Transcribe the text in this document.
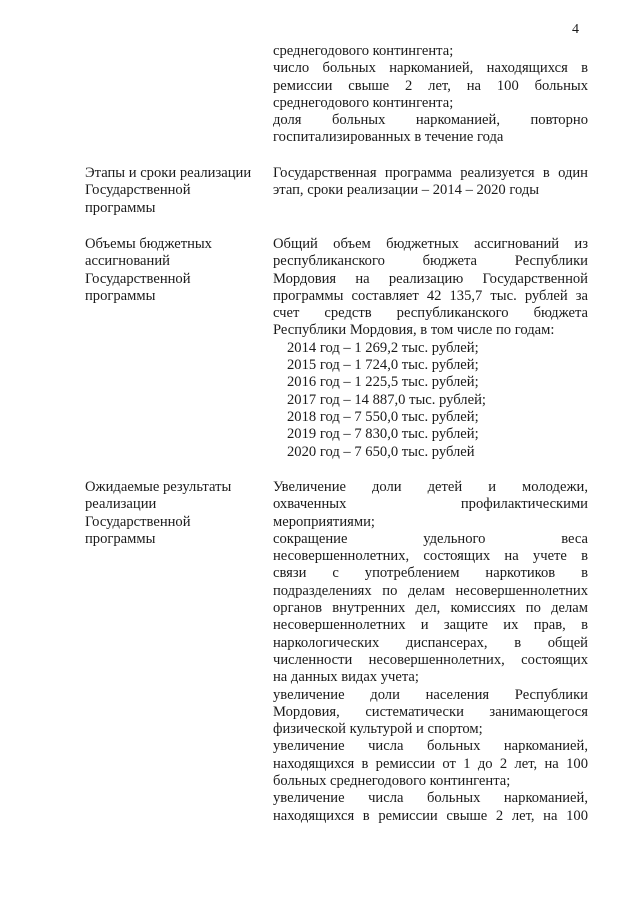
4
среднегодового контингента;
число больных наркоманией, находящихся в
ремиссии свыше 2 лет, на 100 больных
среднегодового контингента;
доля больных наркоманией, повторно
госпитализированных в течение года
Этапы и сроки реализации
Государственной
программы
Государственная программа реализуется в один
этап, сроки реализации – 2014 – 2020 годы
Объемы бюджетных
ассигнований
Государственной
программы
Общий объем бюджетных ассигнований из
республиканского бюджета Республики
Мордовия на реализацию Государственной
программы составляет 42 135,7 тыс. рублей за
счет средств республиканского бюджета
Республики Мордовия, в том числе по годам:
2014 год – 1 269,2 тыс. рублей;
2015 год – 1 724,0 тыс. рублей;
2016 год – 1 225,5 тыс. рублей;
2017 год – 14 887,0 тыс. рублей;
2018 год – 7 550,0 тыс. рублей;
2019 год – 7 830,0 тыс. рублей;
2020 год – 7 650,0 тыс. рублей
Ожидаемые результаты
реализации
Государственной
программы
Увеличение доли детей и молодежи,
охваченных профилактическими
мероприятиями;
сокращение удельного веса
несовершеннолетних, состоящих на учете в
связи с употреблением наркотиков в
подразделениях по делам несовершеннолетних
органов внутренних дел, комиссиях по делам
несовершеннолетних и защите их прав, в
наркологических диспансерах, в общей
численности несовершеннолетних, состоящих
на данных видах учета;
увеличение доли населения Республики
Мордовия, систематически занимающегося
физической культурой и спортом;
увеличение числа больных наркоманией,
находящихся в ремиссии от 1 до 2 лет, на 100
больных среднегодового контингента;
увеличение числа больных наркоманией,
находящихся в ремиссии свыше 2 лет, на 100
